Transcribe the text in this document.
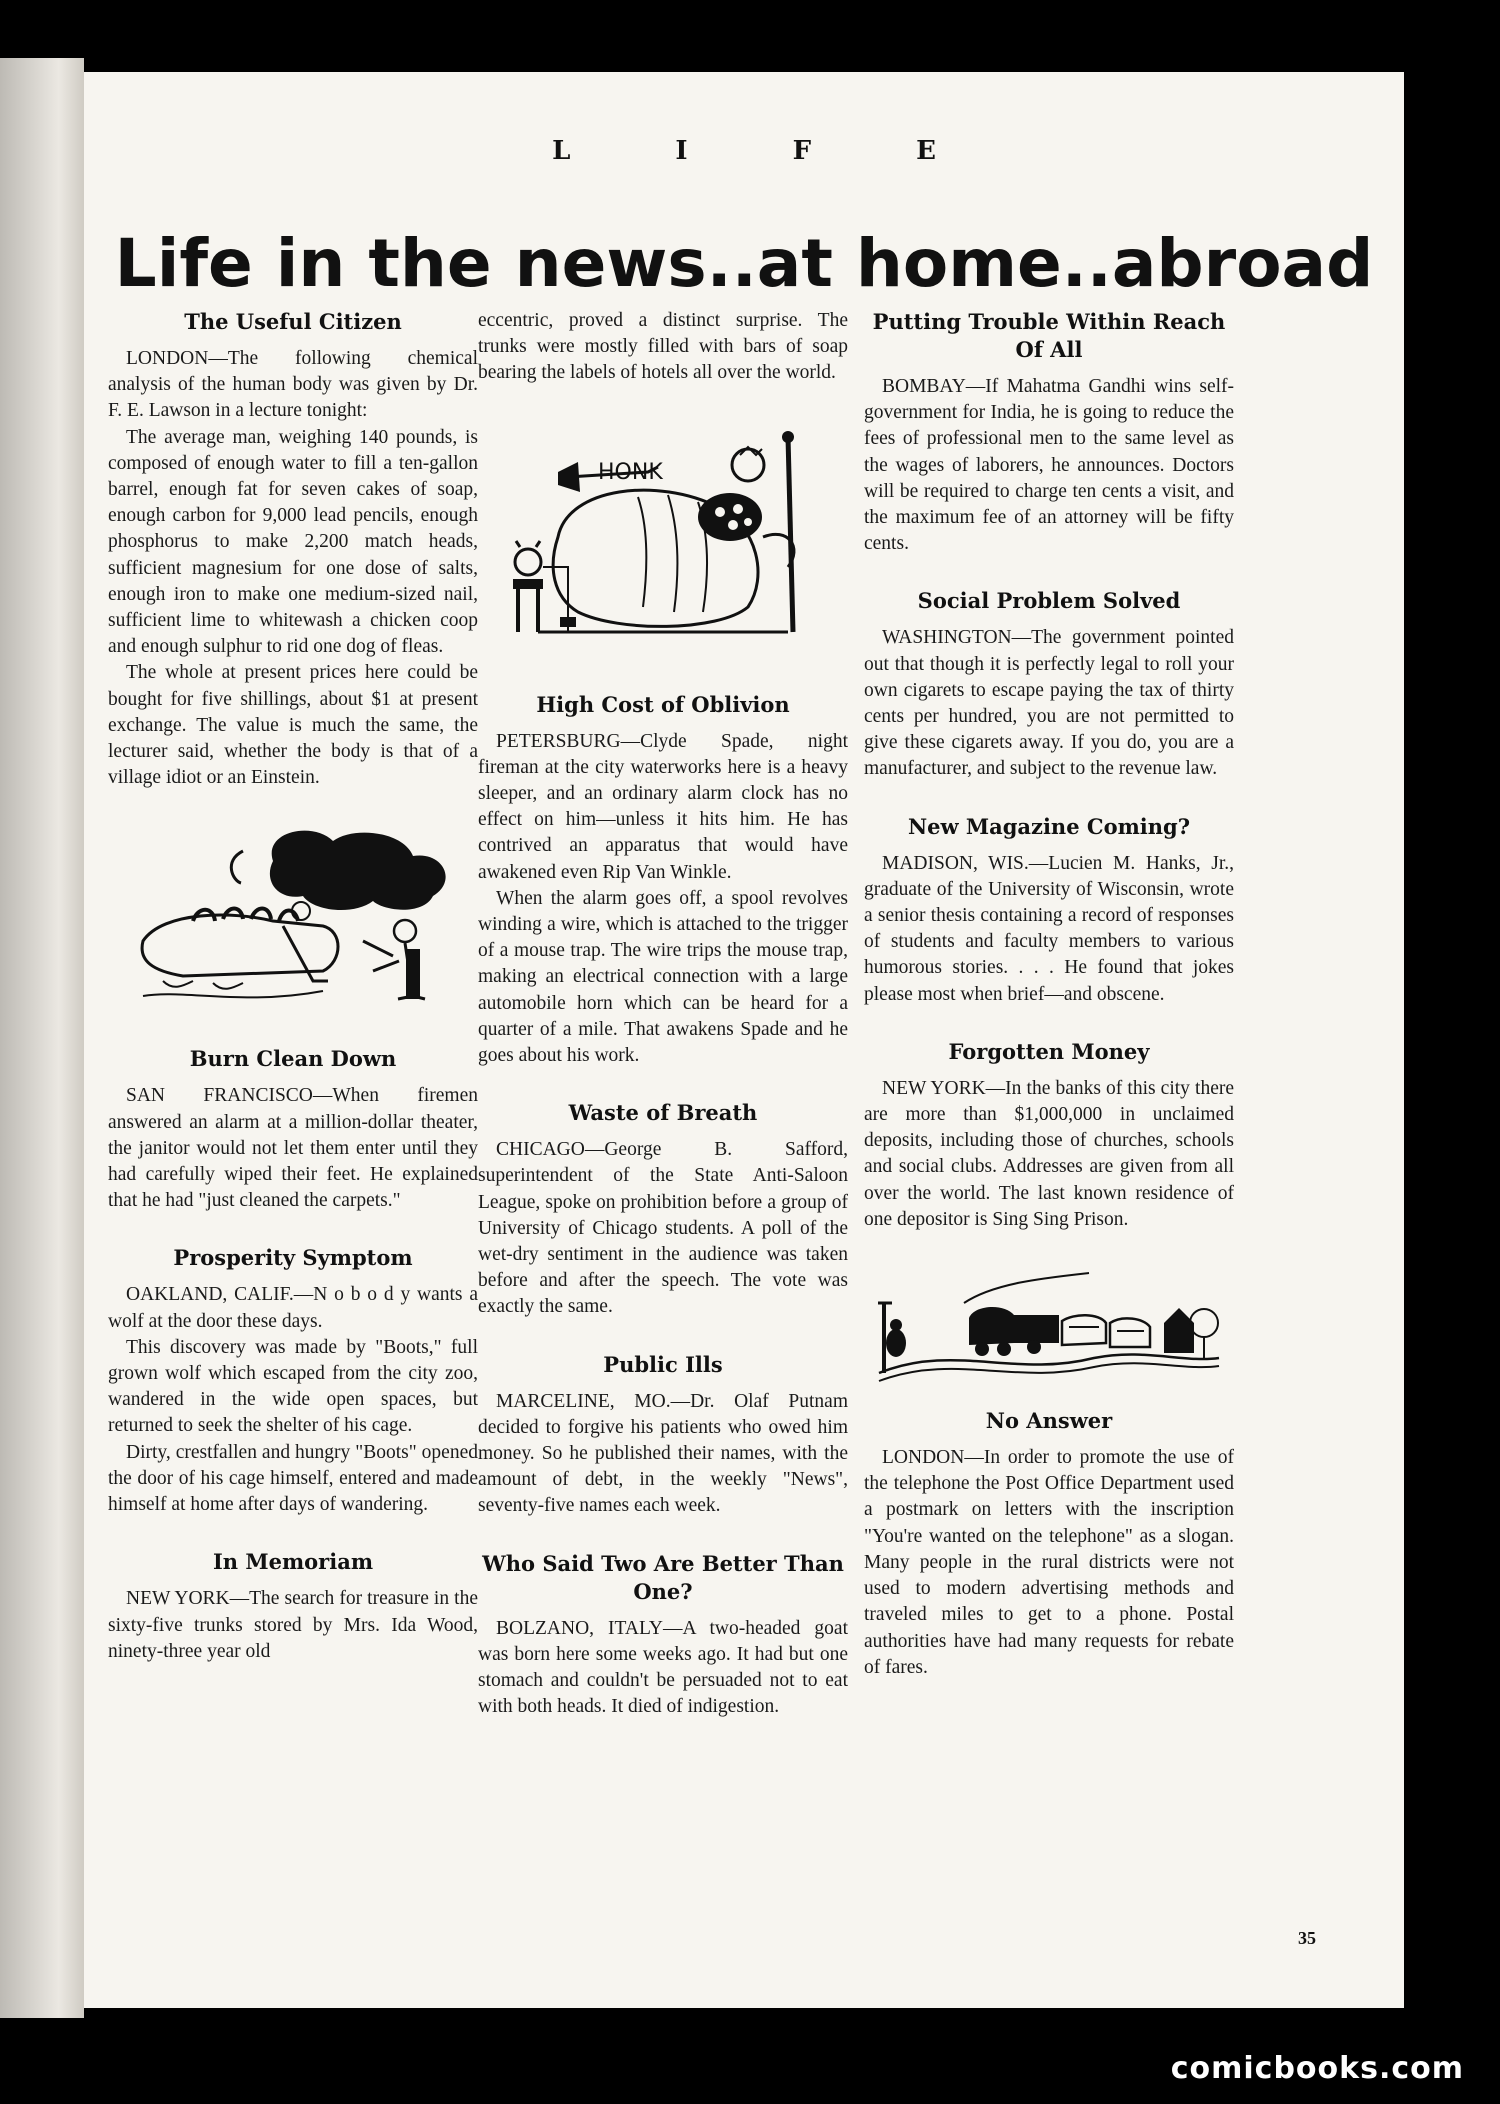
L I F E
Life in the news..at home..abroad
The Useful Citizen

LONDON—The following chemical analysis of the human body was given by Dr. F. E. Lawson in a lecture tonight:

The average man, weighing 140 pounds, is composed of enough water to fill a ten-gallon barrel, enough fat for seven cakes of soap, enough carbon for 9,000 lead pencils, enough phosphorus to make 2,200 match heads, sufficient magnesium for one dose of salts, enough iron to make one medium-sized nail, sufficient lime to whitewash a chicken coop and enough sulphur to rid one dog of fleas.

The whole at present prices here could be bought for five shillings, about $1 at present exchange. The value is much the same, the lecturer said, whether the body is that of a village idiot or an Einstein.

Burn Clean Down

SAN FRANCISCO—When firemen answered an alarm at a million-dollar theater, the janitor would not let them enter until they had carefully wiped their feet. He explained that he had "just cleaned the carpets."

Prosperity Symptom

OAKLAND, CALIF.—N o b o d y wants a wolf at the door these days.

This discovery was made by "Boots," full grown wolf which escaped from the city zoo, wandered in the wide open spaces, but returned to seek the shelter of his cage.

Dirty, crestfallen and hungry "Boots" opened the door of his cage himself, entered and made himself at home after days of wandering.

In Memoriam

NEW YORK—The search for treasure in the sixty-five trunks stored by Mrs. Ida Wood, ninety-three year old

eccentric, proved a distinct surprise. The trunks were mostly filled with bars of soap bearing the labels of hotels all over the world.

HONK
High Cost of Oblivion

PETERSBURG—Clyde Spade, night fireman at the city waterworks here is a heavy sleeper, and an ordinary alarm clock has no effect on him—unless it hits him. He has contrived an apparatus that would have awakened even Rip Van Winkle.

When the alarm goes off, a spool revolves winding a wire, which is attached to the trigger of a mouse trap. The wire trips the mouse trap, making an electrical connection with a large automobile horn which can be heard for a quarter of a mile. That awakens Spade and he goes about his work.

Waste of Breath

CHICAGO—George B. Safford, superintendent of the State Anti-Saloon League, spoke on prohibition before a group of University of Chicago students. A poll of the wet-dry sentiment in the audience was taken before and after the speech. The vote was exactly the same.

Public Ills

MARCELINE, MO.—Dr. Olaf Putnam decided to forgive his patients who owed him money. So he published their names, with the amount of debt, in the weekly "News", seventy-five names each week.

Who Said Two Are Better Than One?

BOLZANO, ITALY—A two-headed goat was born here some weeks ago. It had but one stomach and couldn't be persuaded not to eat with both heads. It died of indigestion.

Putting Trouble Within Reach Of All

BOMBAY—If Mahatma Gandhi wins self-government for India, he is going to reduce the fees of professional men to the same level as the wages of laborers, he announces. Doctors will be required to charge ten cents a visit, and the maximum fee of an attorney will be fifty cents.

Social Problem Solved

WASHINGTON—The government pointed out that though it is perfectly legal to roll your own cigarets to escape paying the tax of thirty cents per hundred, you are not permitted to give these cigarets away. If you do, you are a manufacturer, and subject to the revenue law.

New Magazine Coming?

MADISON, WIS.—Lucien M. Hanks, Jr., graduate of the University of Wisconsin, wrote a senior thesis containing a record of responses of students and faculty members to various humorous stories. . . . He found that jokes please most when brief—and obscene.

Forgotten Money

NEW YORK—In the banks of this city there are more than $1,000,000 in unclaimed deposits, including those of churches, schools and social clubs. Addresses are given from all over the world. The last known residence of one depositor is Sing Sing Prison.

No Answer

LONDON—In order to promote the use of the telephone the Post Office Department used a postmark on letters with the inscription "You're wanted on the telephone" as a slogan. Many people in the rural districts were not used to modern advertising methods and traveled miles to get to a phone. Postal authorities have had many requests for rebate of fares.

35
comicbooks.com
